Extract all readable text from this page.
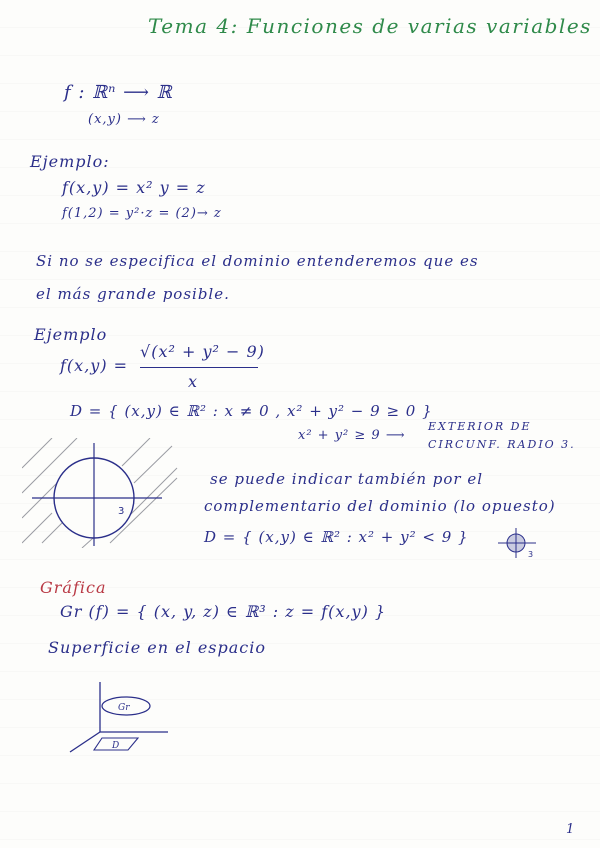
Tema 4: Funciones de varias variables
f : ℝⁿ ⟶ ℝ
(x,y) ⟶ z
Ejemplo:
f(x,y) = x² y = z
f(1,2) = y²·z = (2)→ z
Si no se especifica el dominio entenderemos que es
el más grande posible.
Ejemplo
f(x,y) =
√(x² + y² − 9)
x
D = { (x,y) ∈ ℝ² : x ≠ 0 , x² + y² − 9 ≥ 0 }
x² + y² ≥ 9 ⟶
EXTERIOR DE
CIRCUNF. RADIO 3.
3
se puede indicar también por el
complementario del dominio (lo opuesto)
D = { (x,y) ∈ ℝ² : x² + y² < 9 }
3
Gráfica
Gr (f) = { (x, y, z) ∈ ℝ³ : z = f(x,y) }
Superficie en el espacio
Gr
D
1
